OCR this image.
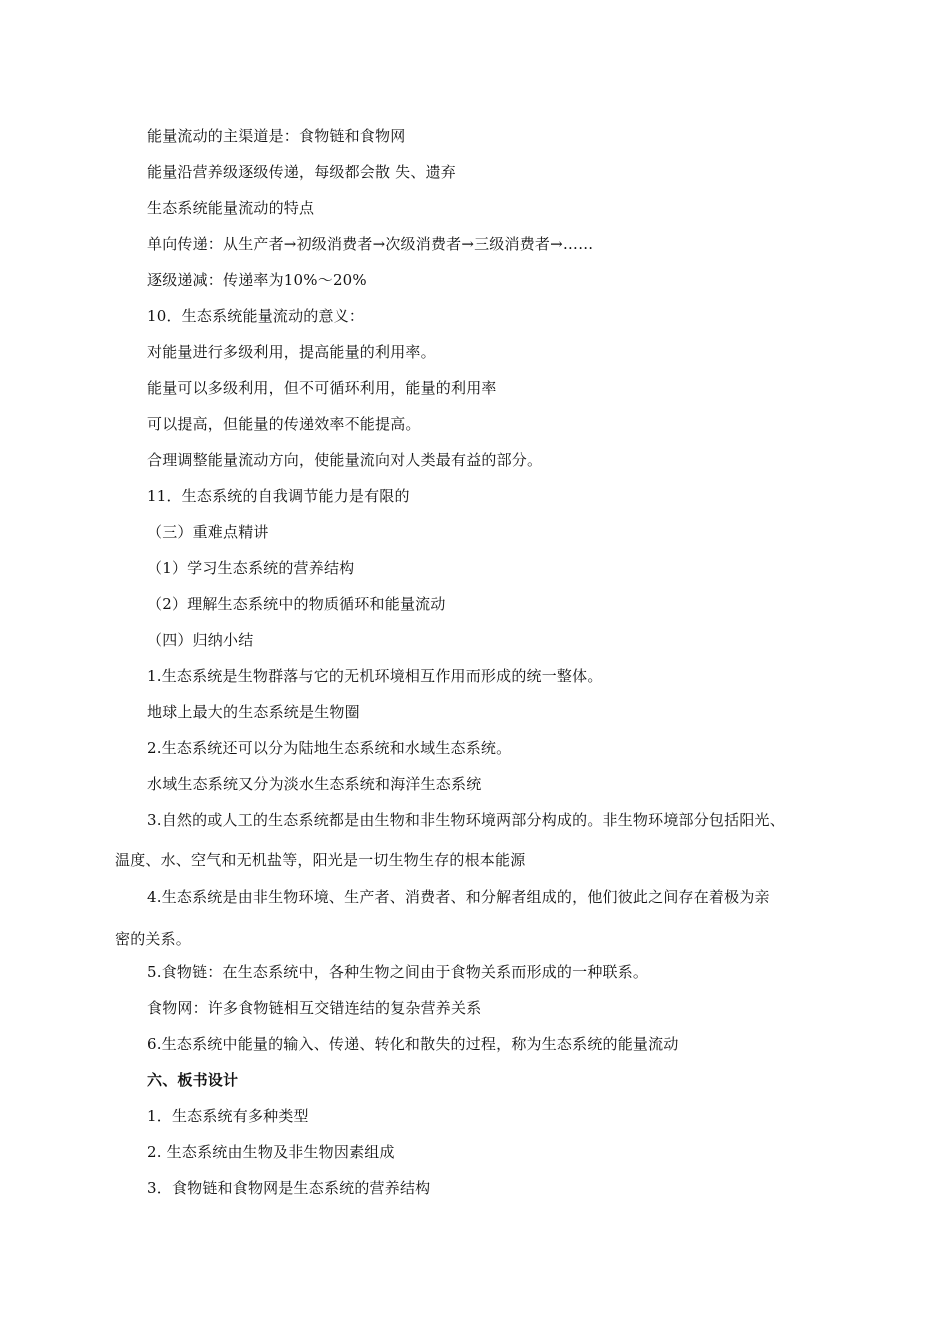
能量流动的主渠道是：食物链和食物网
能量沿营养级逐级传递，每级都会散 失、遗弃
生态系统能量流动的特点
单向传递：从生产者→初级消费者→次级消费者→三级消费者→……
逐级递减：传递率为10%～20%
10．生态系统能量流动的意义：
对能量进行多级利用，提高能量的利用率。
能量可以多级利用，但不可循环利用，能量的利用率
可以提高，但能量的传递效率不能提高。
合理调整能量流动方向，使能量流向对人类最有益的部分。
11．生态系统的自我调节能力是有限的
（三）重难点精讲
（1）学习生态系统的营养结构
（2）理解生态系统中的物质循环和能量流动
（四）归纳小结
1.生态系统是生物群落与它的无机环境相互作用而形成的统一整体。
地球上最大的生态系统是生物圈
2.生态系统还可以分为陆地生态系统和水域生态系统。
水域生态系统又分为淡水生态系统和海洋生态系统
3.自然的或人工的生态系统都是由生物和非生物环境两部分构成的。非生物环境部分包括阳光、
温度、水、空气和无机盐等，阳光是一切生物生存的根本能源
4.生态系统是由非生物环境、生产者、消费者、和分解者组成的，他们彼此之间存在着极为亲
密的关系。
5.食物链：在生态系统中，各种生物之间由于食物关系而形成的一种联系。
食物网：许多食物链相互交错连结的复杂营养关系
6.生态系统中能量的输入、传递、转化和散失的过程，称为生态系统的能量流动
六、板书设计
1．生态系统有多种类型
2. 生态系统由生物及非生物因素组成
3．食物链和食物网是生态系统的营养结构
